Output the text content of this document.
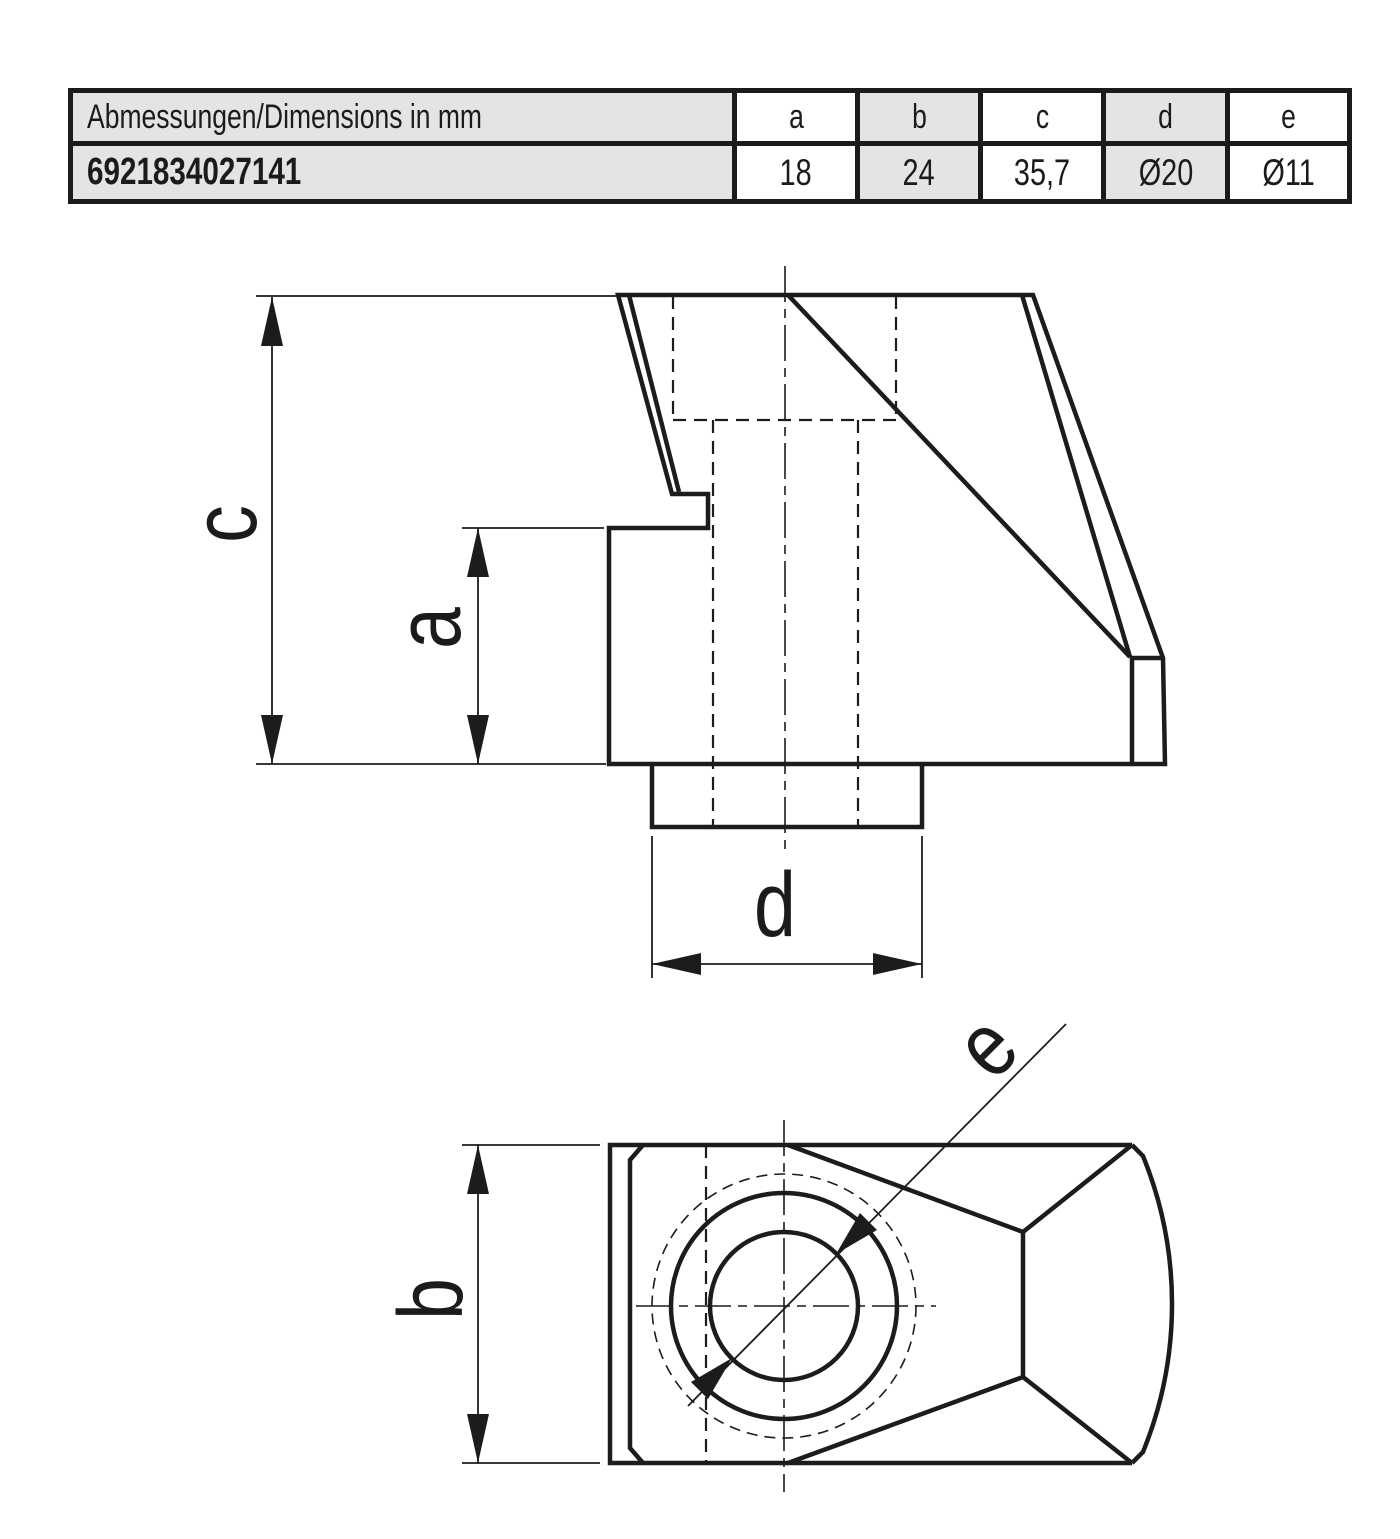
Abmessungen/Dimensions in mm	a	b	c	d	e
6921834027141	18	24	35,7	Ø20	Ø11
c
a
d
b
e
